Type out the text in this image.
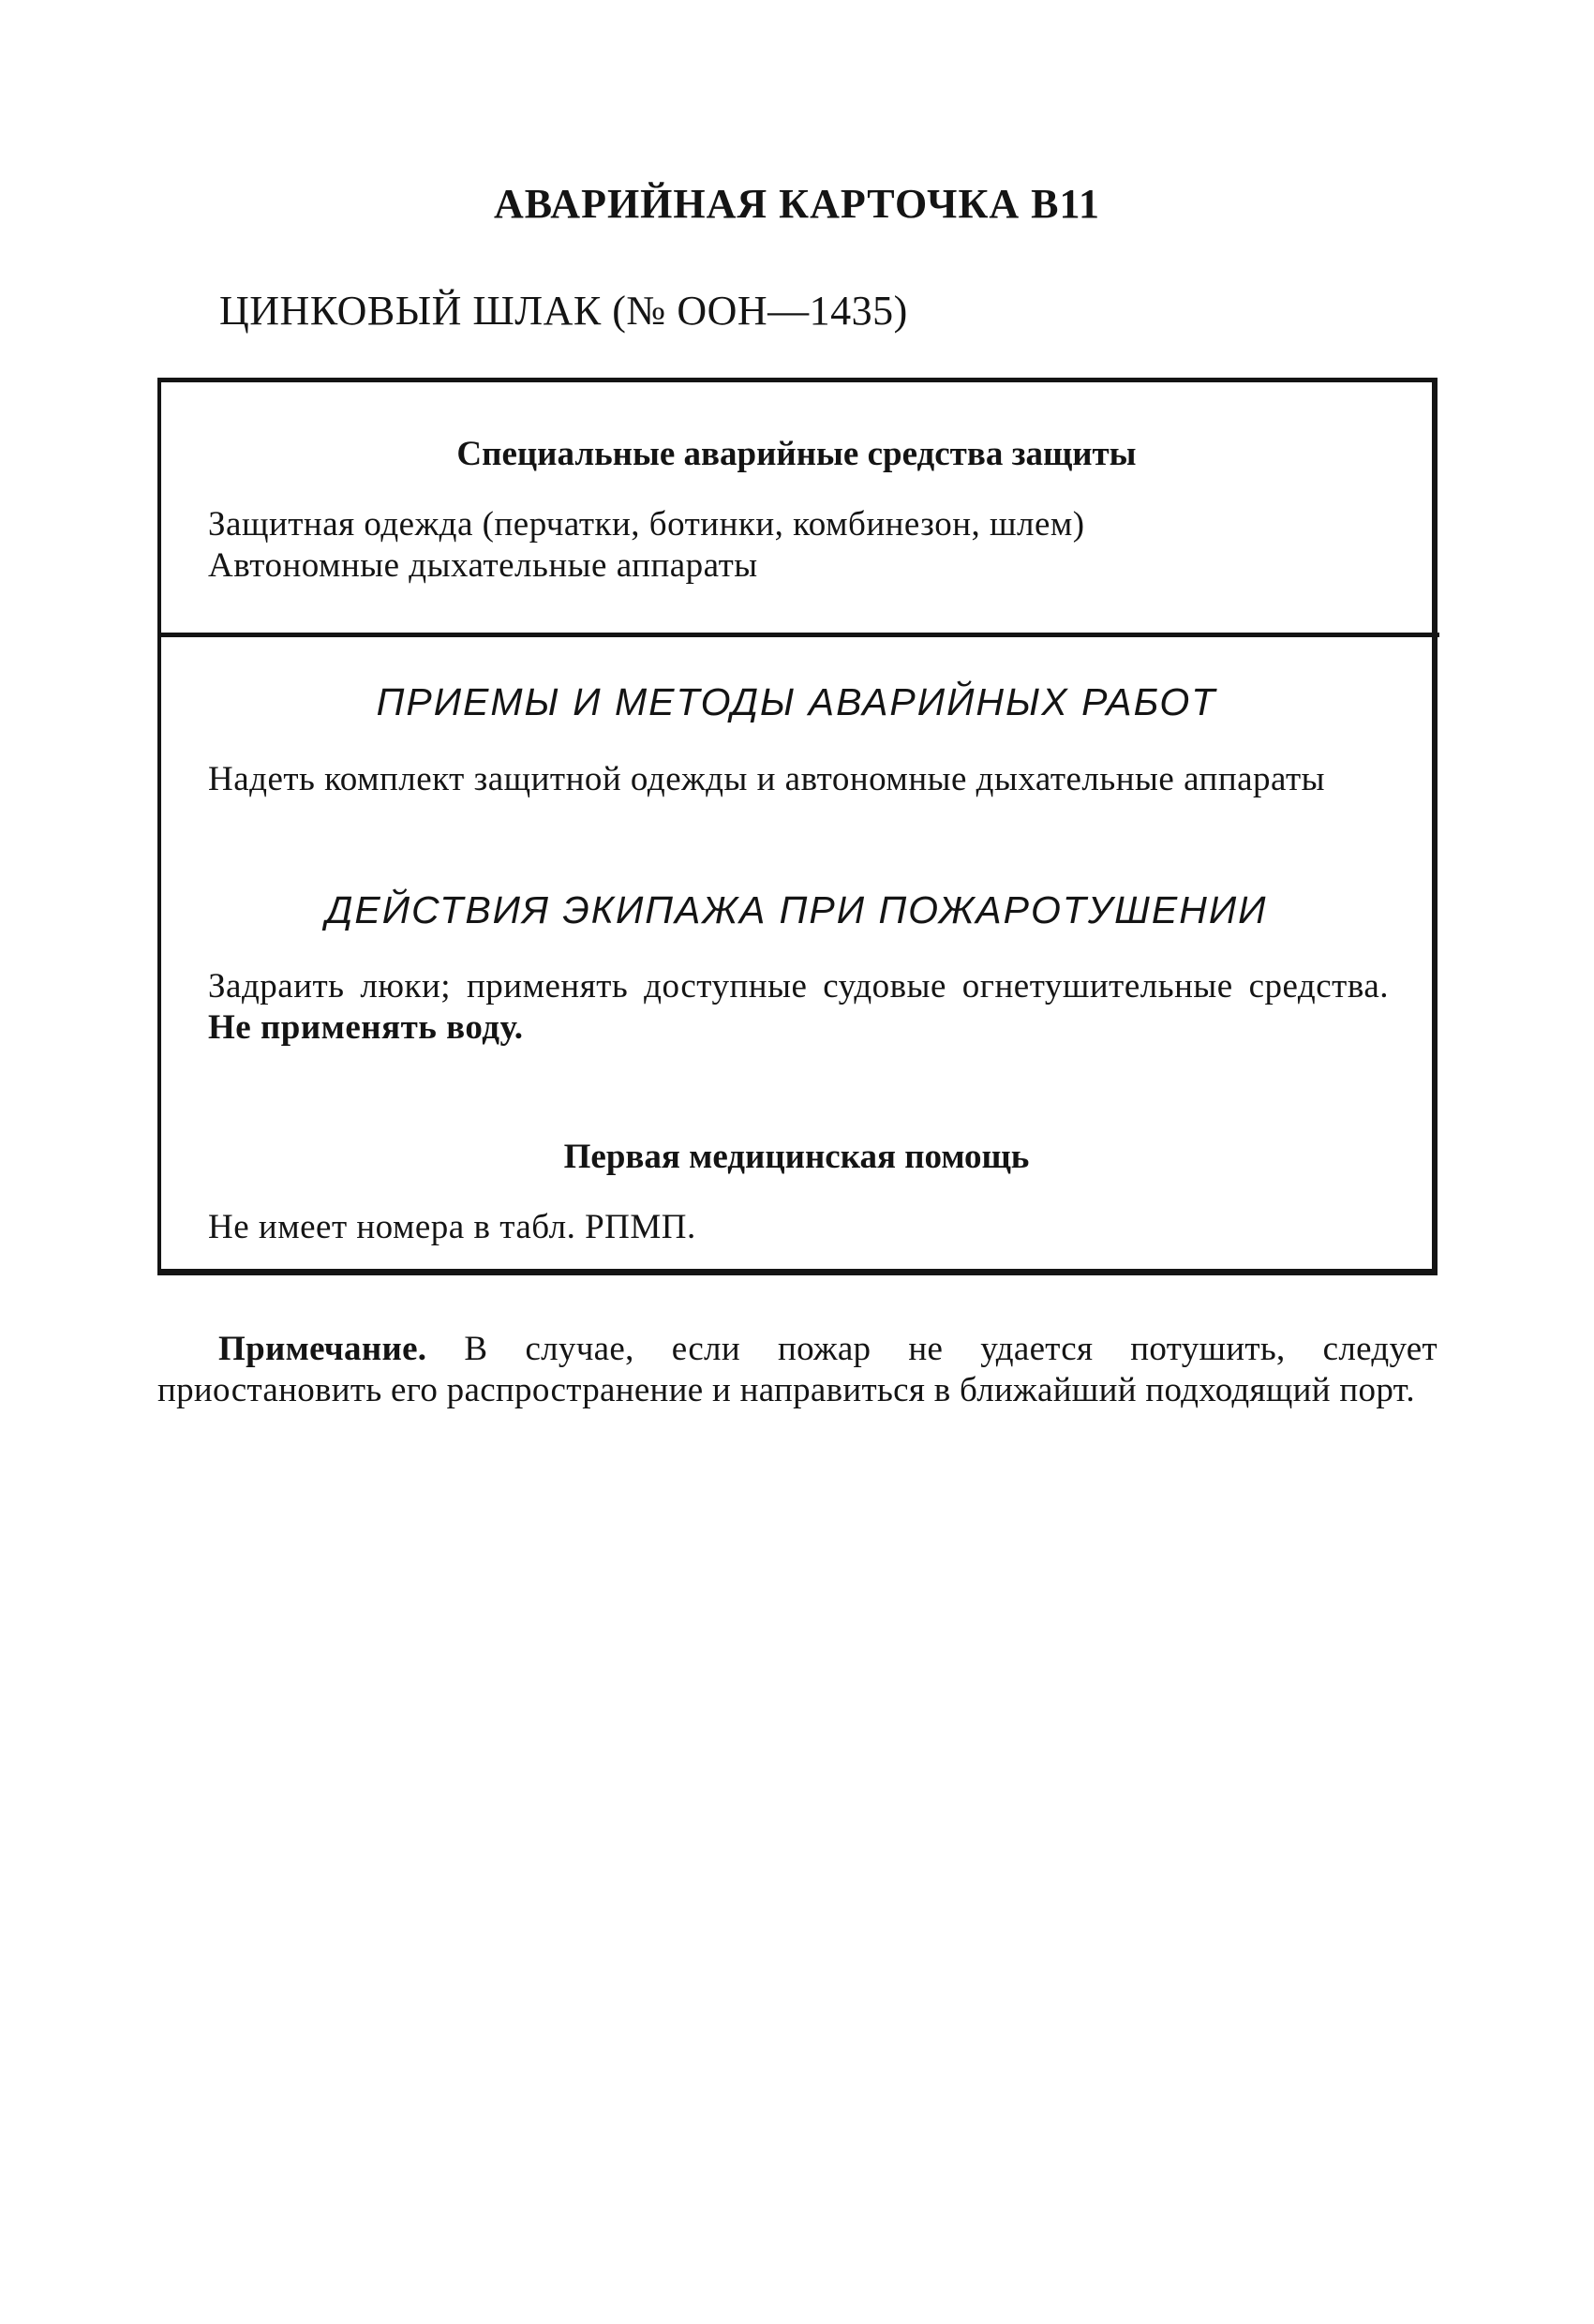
АВАРИЙНАЯ КАРТОЧКА В11
ЦИНКОВЫЙ ШЛАК (№ ООН—1435)
Специальные аварийные средства защиты

Защитная одежда (перчатки, ботинки, комбинезон, шлем)
Автономные дыхательные аппараты

ПРИЕМЫ И МЕТОДЫ АВАРИЙНЫХ РАБОТ

Надеть комплект защитной одежды и автономные дыхательные аппараты

ДЕЙСТВИЯ ЭКИПАЖА ПРИ ПОЖАРОТУШЕНИИ

Задраить люки; применять доступные судовые огнетушительные средства. Не применять воду.

Первая медицинская помощь

Не имеет номера в табл. РПМП.

Примечание. В случае, если пожар не удается потушить, следует приостановить его распространение и направиться в ближайший подходящий порт.
